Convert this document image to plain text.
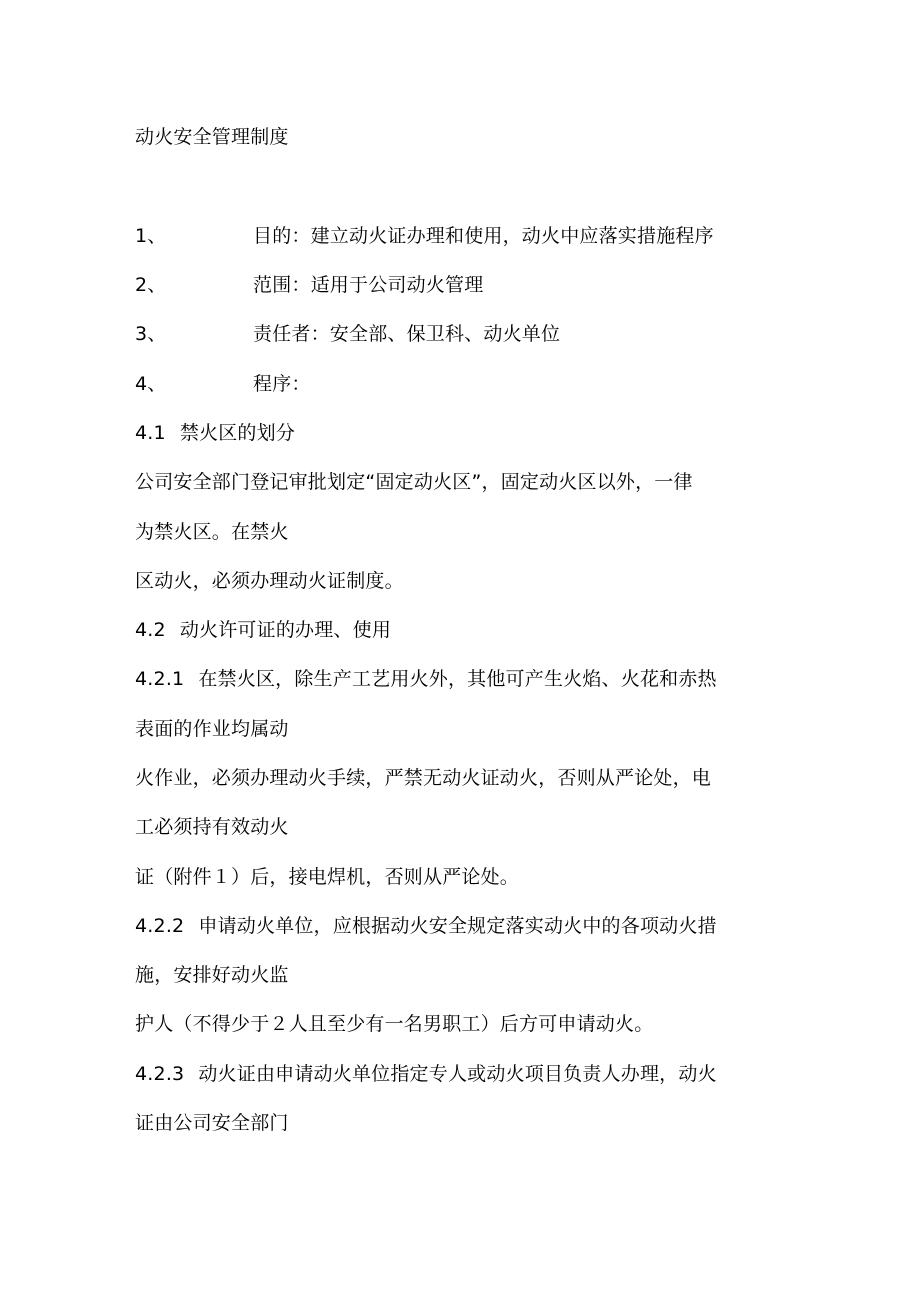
动火安全管理制度
1、	目的：建立动火证办理和使用，动火中应落实措施程序
2、	范围：适用于公司动火管理
3、	责任者：安全部、保卫科、动火单位
4、	程序：
4.1 禁火区的划分
公司安全部门登记审批划定“固定动火区”，固定动火区以外，一律
为禁火区。在禁火
区动火，必须办理动火证制度。
4.2 动火许可证的办理、使用
4.2.1 在禁火区，除生产工艺用火外，其他可产生火焰、火花和赤热
表面的作业均属动
火作业，必须办理动火手续，严禁无动火证动火，否则从严论处，电
工必须持有效动火
证（附件１）后，接电焊机，否则从严论处。
4.2.2 申请动火单位，应根据动火安全规定落实动火中的各项动火措
施，安排好动火监
护人（不得少于２人且至少有一名男职工）后方可申请动火。
4.2.3 动火证由申请动火单位指定专人或动火项目负责人办理，动火
证由公司安全部门
